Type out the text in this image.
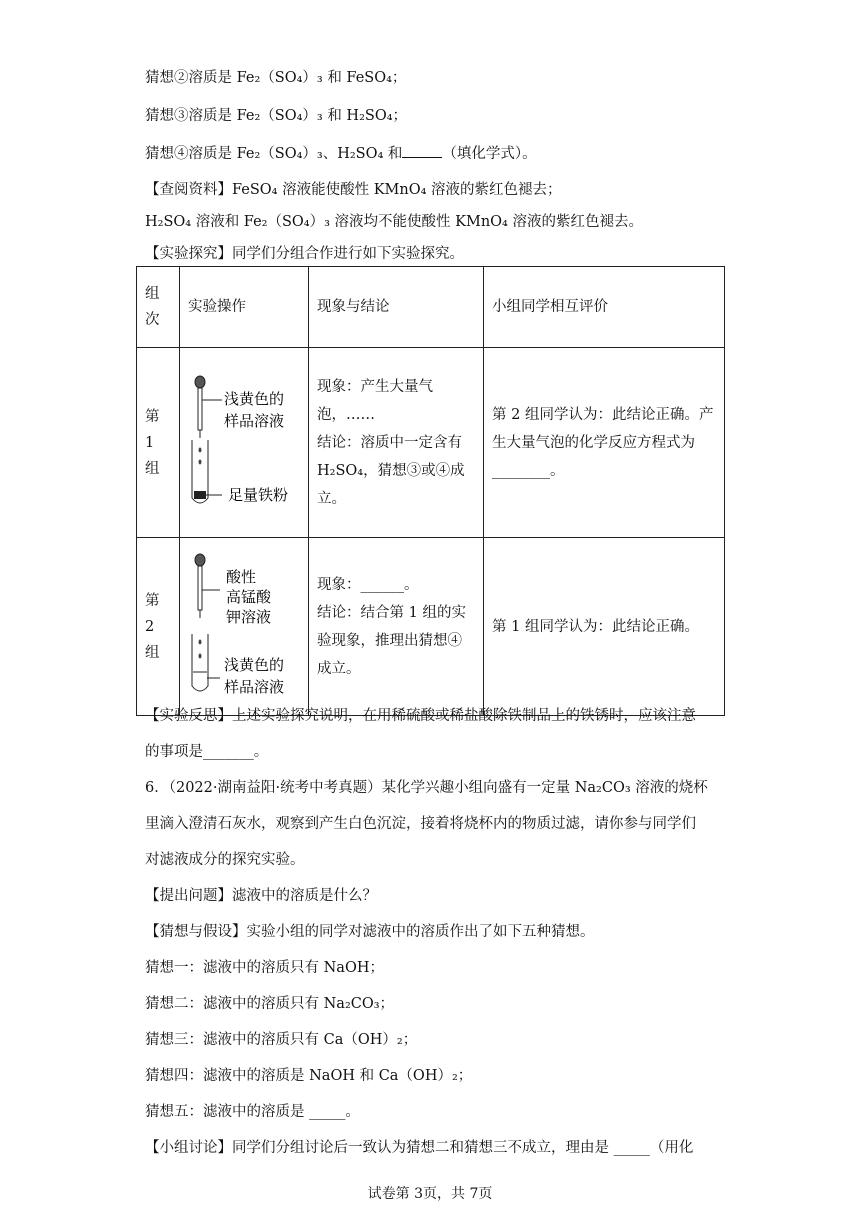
猜想②溶质是 Fe₂（SO₄）₃ 和 FeSO₄；
猜想③溶质是 Fe₂（SO₄）₃ 和 H₂SO₄；
猜想④溶质是 Fe₂（SO₄）₃、H₂SO₄ 和	（填化学式）。
【查阅资料】FeSO₄ 溶液能使酸性 KMnO₄ 溶液的紫红色褪去；
H₂SO₄ 溶液和 Fe₂（SO₄）₃ 溶液均不能使酸性 KMnO₄ 溶液的紫红色褪去。
【实验探究】同学们分组合作进行如下实验探究。
组次	实验操作	现象与结论	小组同学相互评价
第 1 组	浅黄色的
样品溶液
足量铁粉	现象：产生大量气泡，……
结论：溶质中一定含有 H₂SO₄，猜想③或④成立。	第 2 组同学认为：此结论正确。产生大量气泡的化学反应方程式为________。

第 2 组	酸性
高锰酸
钾溶液
浅黄色的
样品溶液	现象：______。
结论：结合第 1 组的实验现象，推理出猜想④成立。	第 1 组同学认为：此结论正确。
【实验反思】上述实验探究说明，在用稀硫酸或稀盐酸除铁制品上的铁锈时，应该注意
的事项是_______。
6．（2022·湖南益阳·统考中考真题）某化学兴趣小组向盛有一定量 Na₂CO₃ 溶液的烧杯
里滴入澄清石灰水，观察到产生白色沉淀，接着将烧杯内的物质过滤，请你参与同学们
对滤液成分的探究实验。
【提出问题】滤液中的溶质是什么？
【猜想与假设】实验小组的同学对滤液中的溶质作出了如下五种猜想。
猜想一：滤液中的溶质只有 NaOH；
猜想二：滤液中的溶质只有 Na₂CO₃；
猜想三：滤液中的溶质只有 Ca（OH）₂；
猜想四：滤液中的溶质是 NaOH 和 Ca（OH）₂；
猜想五：滤液中的溶质是 _____。
【小组讨论】同学们分组讨论后一致认为猜想二和猜想三不成立，理由是 _____（用化
试卷第 3页，共 7页
